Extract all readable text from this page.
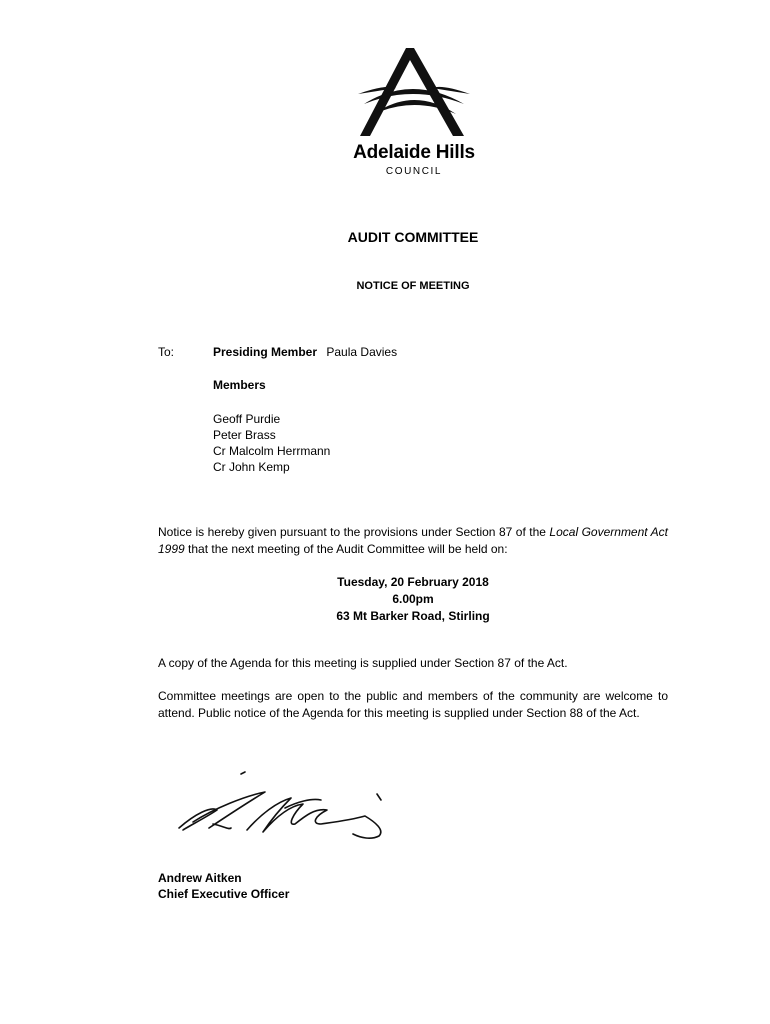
Adelaide Hills
COUNCIL
AUDIT COMMITTEE
NOTICE OF MEETING
To:	Presiding Member Paula Davies
Members
Geoff Purdie
Peter Brass
Cr Malcolm Herrmann
Cr John Kemp

Notice is hereby given pursuant to the provisions under Section 87 of the Local Government Act 1999 that the next meeting of the Audit Committee will be held on:

Tuesday, 20 February 2018
6.00pm
63 Mt Barker Road, Stirling

A copy of the Agenda for this meeting is supplied under Section 87 of the Act.

Committee meetings are open to the public and members of the community are welcome to attend. Public notice of the Agenda for this meeting is supplied under Section 88 of the Act.

Andrew Aitken
Chief Executive Officer
